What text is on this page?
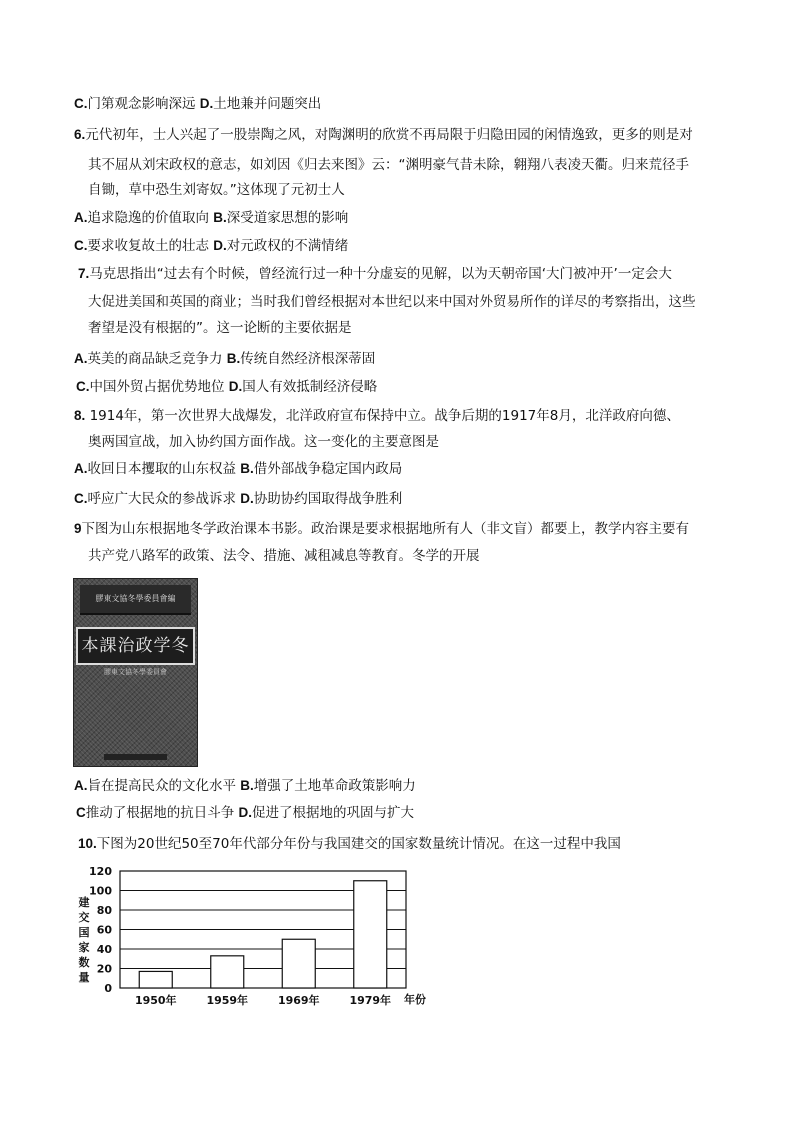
C.门第观念影响深远 D.土地兼并问题突出
6.元代初年，士人兴起了一股崇陶之风，对陶渊明的欣赏不再局限于归隐田园的闲情逸致，更多的则是对
其不屈从刘宋政权的意志，如刘因《归去来图》云：“渊明豪气昔未除，翱翔八表凌天衢。归来荒径手
自锄，草中恐生刘寄奴。”这体现了元初士人
A.追求隐逸的价值取向 B.深受道家思想的影响
C.要求收复故土的壮志 D.对元政权的不满情绪
7.马克思指出“过去有个时候，曾经流行过一种十分虚妄的见解，以为天朝帝国‘大门被冲开’一定会大
大促进美国和英国的商业；当时我们曾经根据对本世纪以来中国对外贸易所作的详尽的考察指出，这些
奢望是没有根据的”。这一论断的主要依据是
A.英美的商品缺乏竞争力 B.传统自然经济根深蒂固
C.中国外贸占据优势地位 D.国人有效抵制经济侵略
8. 1914年，第一次世界大战爆发，北洋政府宣布保持中立。战争后期的1917年8月，北洋政府向德、
奥两国宣战，加入协约国方面作战。这一变化的主要意图是
A.收回日本攫取的山东权益 B.借外部战争稳定国内政局
C.呼应广大民众的参战诉求 D.协助协约国取得战争胜利
9下图为山东根据地冬学政治课本书影。政治课是要求根据地所有人（非文盲）都要上，教学内容主要有
共产党八路军的政策、法令、措施、减租减息等教育。冬学的开展
膠東文協冬學委員會編
本課治政学冬
膠東文協冬學委員會
A.旨在提高民众的文化水平 B.增强了土地革命政策影响力
C推动了根据地的抗日斗争 D.促进了根据地的巩固与扩大
10.下图为20世纪50至70年代部分年份与我国建交的国家数量统计情况。在这一过程中我国
0
20
40
60
80
100
120
1950年	1959年	1969年	1979年
建
交
国
家
数
量
年份
